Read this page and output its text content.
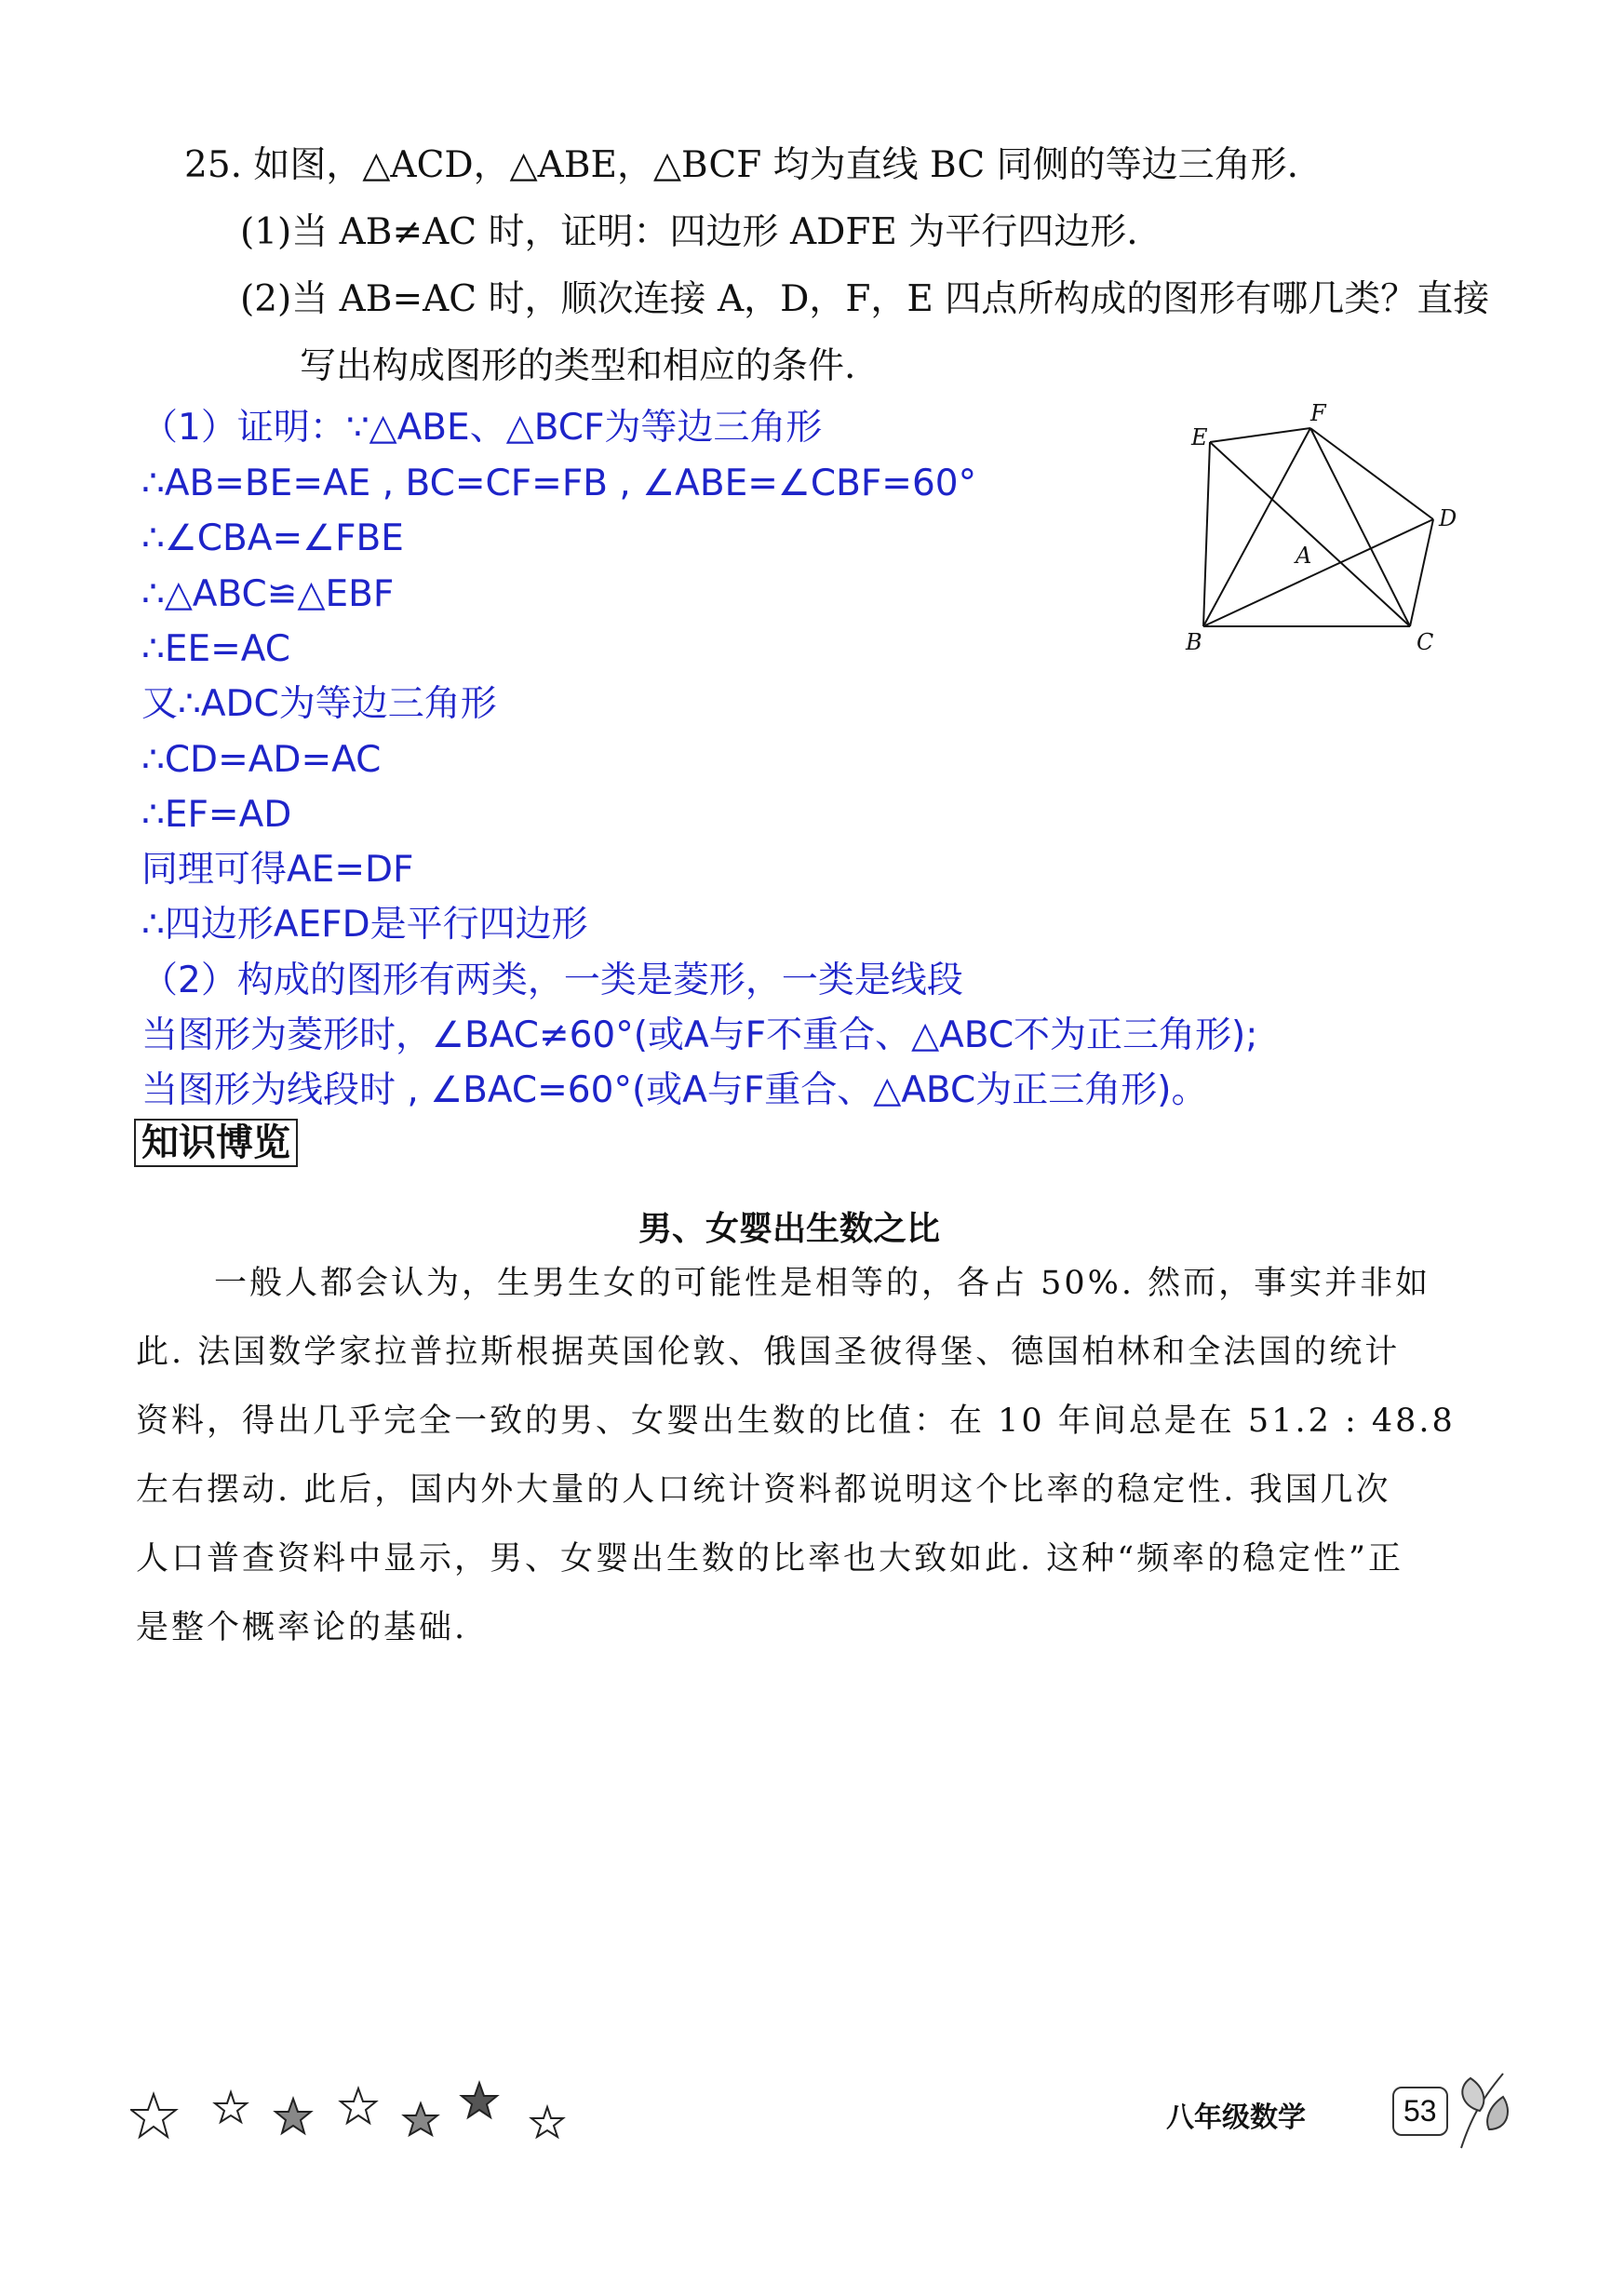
25. 如图，△ACD，△ABE，△BCF 均为直线 BC 同侧的等边三角形.
(1)当 AB≠AC 时，证明：四边形 ADFE 为平行四边形.
(2)当 AB=AC 时，顺次连接 A，D，F，E 四点所构成的图形有哪几类？直接
写出构成图形的类型和相应的条件.
F
E
D
A
B	C
（1）证明：∵△ABE、△BCF为等边三角形
∴AB=BE=AE , BC=CF=FB , ∠ABE=∠CBF=60°
∴∠CBA=∠FBE
∴△ABC≌△EBF
∴EE=AC
又∴ADC为等边三角形
∴CD=AD=AC
∴EF=AD
同理可得AE=DF
∴四边形AEFD是平行四边形
（2）构成的图形有两类，一类是菱形，一类是线段
当图形为菱形时，∠BAC≠60°(或A与F不重合、△ABC不为正三角形);
当图形为线段时 , ∠BAC=60°(或A与F重合、△ABC为正三角形)。
知识博览
男、女婴出生数之比
一般人都会认为，生男生女的可能性是相等的，各占 50%. 然而，事实并非如
此. 法国数学家拉普拉斯根据英国伦敦、俄国圣彼得堡、德国柏林和全法国的统计
资料，得出几乎完全一致的男、女婴出生数的比值：在 10 年间总是在 51.2 : 48.8
左右摆动. 此后，国内外大量的人口统计资料都说明这个比率的稳定性. 我国几次
人口普查资料中显示，男、女婴出生数的比率也大致如此. 这种“频率的稳定性”正
是整个概率论的基础.
八年级数学	53
